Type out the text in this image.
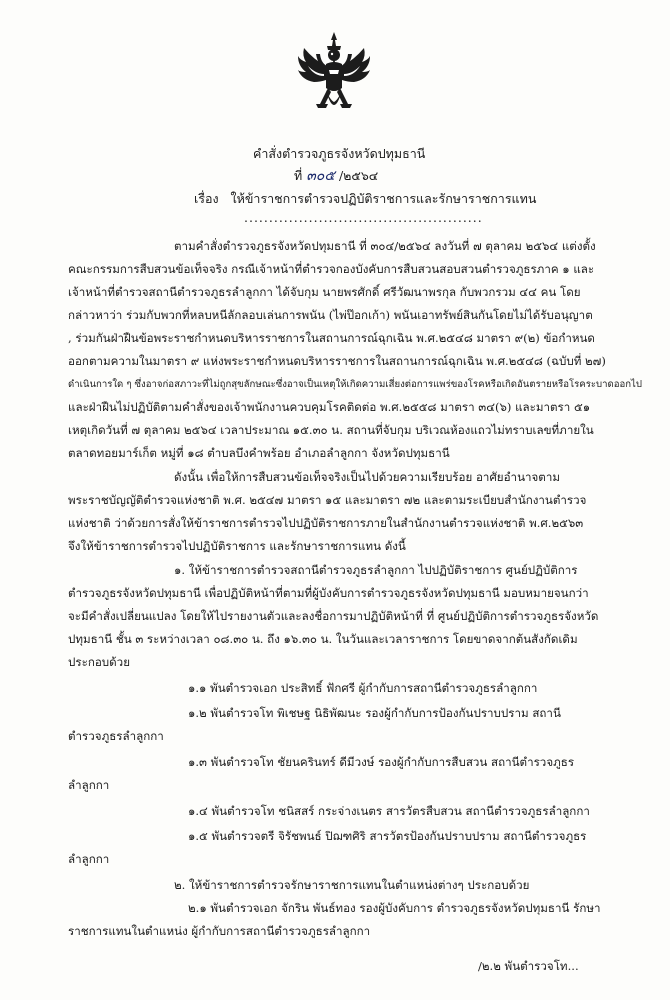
คำสั่งตำรวจภูธรจังหวัดปทุมธานี
ที่ ๓๐๕ /๒๕๖๔
เรื่อง ให้ข้าราชการตำรวจปฏิบัติราชการและรักษาราชการแทน
................................................
ตามคำสั่งตำรวจภูธรจังหวัดปทุมธานี ที่ ๓๐๔/๒๕๖๔ ลงวันที่ ๗ ตุลาคม ๒๕๖๔ แต่งตั้ง
คณะกรรมการสืบสวนข้อเท็จจริง กรณีเจ้าหน้าที่ตำรวจกองบังคับการสืบสวนสอบสวนตำรวจภูธรภาค ๑ และ
เจ้าหน้าที่ตำรวจสถานีตำรวจภูธรลำลูกกา ได้จับกุม นายพรศักดิ์ ศรีวัฒนาพรกุล กับพวกรวม ๔๔ คน โดย
กล่าวหาว่า ร่วมกับพวกที่หลบหนีลักลอบเล่นการพนัน (ไพ่ป๊อกเก้า) พนันเอาทรัพย์สินกันโดยไม่ได้รับอนุญาต
, ร่วมกันฝ่าฝืนข้อพระราชกำหนดบริหารราชการในสถานการณ์ฉุกเฉิน พ.ศ.๒๕๔๘ มาตรา ๙(๒) ข้อกำหนด
ออกตามความในมาตรา ๙ แห่งพระราชกำหนดบริหารราชการในสถานการณ์ฉุกเฉิน พ.ศ.๒๕๔๘ (ฉบับที่ ๒๗)
ดำเนินการใด ๆ ซึ่งอาจก่อสภาวะที่ไม่ถูกสุขลักษณะซึ่งอาจเป็นเหตุให้เกิดความเสี่ยงต่อการแพร่ของโรคหรือเกิดอันตรายหรือโรคระบาดออกไป
และฝ่าฝืนไม่ปฏิบัติตามคำสั่งของเจ้าพนักงานควบคุมโรคติดต่อ พ.ศ.๒๕๕๘ มาตรา ๓๔(๖) และมาตรา ๕๑
เหตุเกิดวันที่ ๗ ตุลาคม ๒๕๖๔ เวลาประมาณ ๑๕.๓๐ น. สถานที่จับกุม บริเวณห้องแถวไม่ทราบเลขที่ภายใน
ตลาดทอยมาร์เก็ต หมู่ที่ ๑๘ ตำบลบึงคำพร้อย อำเภอลำลูกกา จังหวัดปทุมธานี
ดังนั้น เพื่อให้การสืบสวนข้อเท็จจริงเป็นไปด้วยความเรียบร้อย อาศัยอำนาจตาม
พระราชบัญญัติตำรวจแห่งชาติ พ.ศ. ๒๕๔๗ มาตรา ๑๕ และมาตรา ๗๒ และตามระเบียบสำนักงานตำรวจ
แห่งชาติ ว่าด้วยการสั่งให้ข้าราชการตำรวจไปปฏิบัติราชการภายในสำนักงานตำรวจแห่งชาติ พ.ศ.๒๕๖๓
จึงให้ข้าราชการตำรวจไปปฏิบัติราชการ และรักษาราชการแทน ดังนี้
๑. ให้ข้าราชการตำรวจสถานีตำรวจภูธรลำลูกกา ไปปฏิบัติราชการ ศูนย์ปฏิบัติการ
ตำรวจภูธรจังหวัดปทุมธานี เพื่อปฏิบัติหน้าที่ตามที่ผู้บังคับการตำรวจภูธรจังหวัดปทุมธานี มอบหมายจนกว่า
จะมีคำสั่งเปลี่ยนแปลง โดยให้ไปรายงานตัวและลงชื่อการมาปฏิบัติหน้าที่ ที่ ศูนย์ปฏิบัติการตำรวจภูธรจังหวัด
ปทุมธานี ชั้น ๓ ระหว่างเวลา ๐๘.๓๐ น. ถึง ๑๖.๓๐ น. ในวันและเวลาราชการ โดยขาดจากต้นสังกัดเดิม
ประกอบด้วย
๑.๑ พันตำรวจเอก ประสิทธิ์ ฟักศรี ผู้กำกับการสถานีตำรวจภูธรลำลูกกา
๑.๒ พันตำรวจโท พิเชษฐ นิธิพัฒนะ รองผู้กำกับการป้องกันปราบปราม สถานี
ตำรวจภูธรลำลูกกา
๑.๓ พันตำรวจโท ชัยนครินทร์ ดีมีวงษ์ รองผู้กำกับการสืบสวน สถานีตำรวจภูธร
ลำลูกกา
๑.๔ พันตำรวจโท ชนิสสร์ กระจ่างเนตร สารวัตรสืบสวน สถานีตำรวจภูธรลำลูกกา
๑.๕ พันตำรวจตรี จิรัชพนธ์ ปิฌฑศิริ สารวัตรป้องกันปราบปราม สถานีตำรวจภูธร
ลำลูกกา
๒. ให้ข้าราชการตำรวจรักษาราชการแทนในตำแหน่งต่างๆ ประกอบด้วย
๒.๑ พันตำรวจเอก จักริน พันธ์ทอง รองผู้บังคับการ ตำรวจภูธรจังหวัดปทุมธานี รักษา
ราชการแทนในตำแหน่ง ผู้กำกับการสถานีตำรวจภูธรลำลูกกา
/๒.๒ พันตำรวจโท...
